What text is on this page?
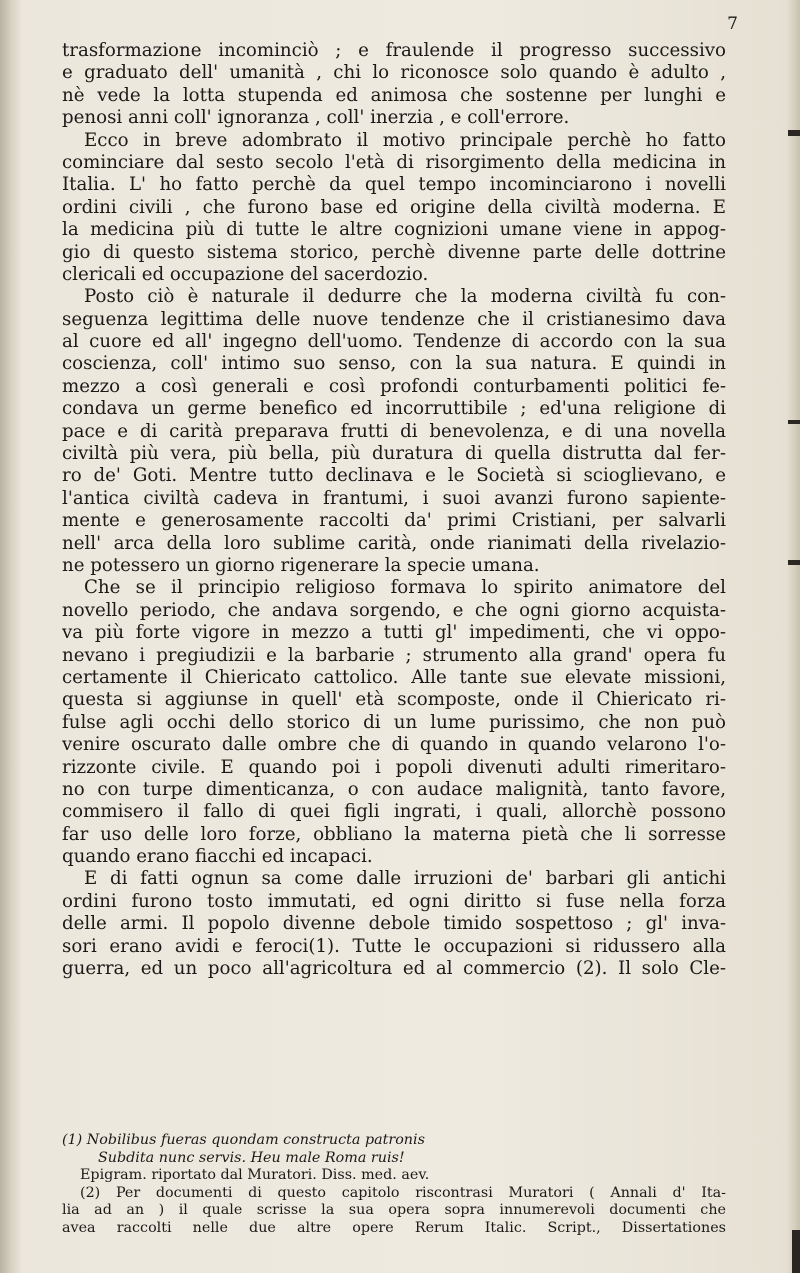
7
trasformazione incominciò ; e fraulende il progresso successivo
e graduato dell' umanità , chi lo riconosce solo quando è adulto ,
nè vede la lotta stupenda ed animosa che sostenne per lunghi e
penosi anni coll' ignoranza , coll' inerzia , e coll'errore.
Ecco in breve adombrato il motivo principale perchè ho fatto
cominciare dal sesto secolo l'età di risorgimento della medicina in
Italia. L' ho fatto perchè da quel tempo incominciarono i novelli
ordini civili , che furono base ed origine della civiltà moderna. E
la medicina più di tutte le altre cognizioni umane viene in appog-
gio di questo sistema storico, perchè divenne parte delle dottrine
clericali ed occupazione del sacerdozio.
Posto ciò è naturale il dedurre che la moderna civiltà fu con-
seguenza legittima delle nuove tendenze che il cristianesimo dava
al cuore ed all' ingegno dell'uomo. Tendenze di accordo con la sua
coscienza, coll' intimo suo senso, con la sua natura. E quindi in
mezzo a così generali e così profondi conturbamenti politici fe-
condava un germe benefico ed incorruttibile ; ed'una religione di
pace e di carità preparava frutti di benevolenza, e di una novella
civiltà più vera, più bella, più duratura di quella distrutta dal fer-
ro de' Goti. Mentre tutto declinava e le Società si scioglievano, e
l'antica civiltà cadeva in frantumi, i suoi avanzi furono sapiente-
mente e generosamente raccolti da' primi Cristiani, per salvarli
nell' arca della loro sublime carità, onde rianimati della rivelazio-
ne potessero un giorno rigenerare la specie umana.
Che se il principio religioso formava lo spirito animatore del
novello periodo, che andava sorgendo, e che ogni giorno acquista-
va più forte vigore in mezzo a tutti gl' impedimenti, che vi oppo-
nevano i pregiudizii e la barbarie ; strumento alla grand' opera fu
certamente il Chiericato cattolico. Alle tante sue elevate missioni,
questa si aggiunse in quell' età scomposte, onde il Chiericato ri-
fulse agli occhi dello storico di un lume purissimo, che non può
venire oscurato dalle ombre che di quando in quando velarono l'o-
rizzonte civile. E quando poi i popoli divenuti adulti rimeritaro-
no con turpe dimenticanza, o con audace malignità, tanto favore,
commisero il fallo di quei figli ingrati, i quali, allorchè possono
far uso delle loro forze, obbliano la materna pietà che li sorresse
quando erano fiacchi ed incapaci.
E di fatti ognun sa come dalle irruzioni de' barbari gli antichi
ordini furono tosto immutati, ed ogni diritto si fuse nella forza
delle armi. Il popolo divenne debole timido sospettoso ; gl' inva-
sori erano avidi e feroci(1). Tutte le occupazioni si ridussero alla
guerra, ed un poco all'agricoltura ed al commercio (2). Il solo Cle-
(1) Nobilibus fueras quondam constructa patronis
Subdita nunc servis. Heu male Roma ruis!
Epigram. riportato dal Muratori. Diss. med. aev.
(2) Per documenti di questo capitolo riscontrasi Muratori ( Annali d' Ita-
lia ad an ) il quale scrisse la sua opera sopra innumerevoli documenti che
avea raccolti nelle due altre opere Rerum Italic. Script., Dissertationes
